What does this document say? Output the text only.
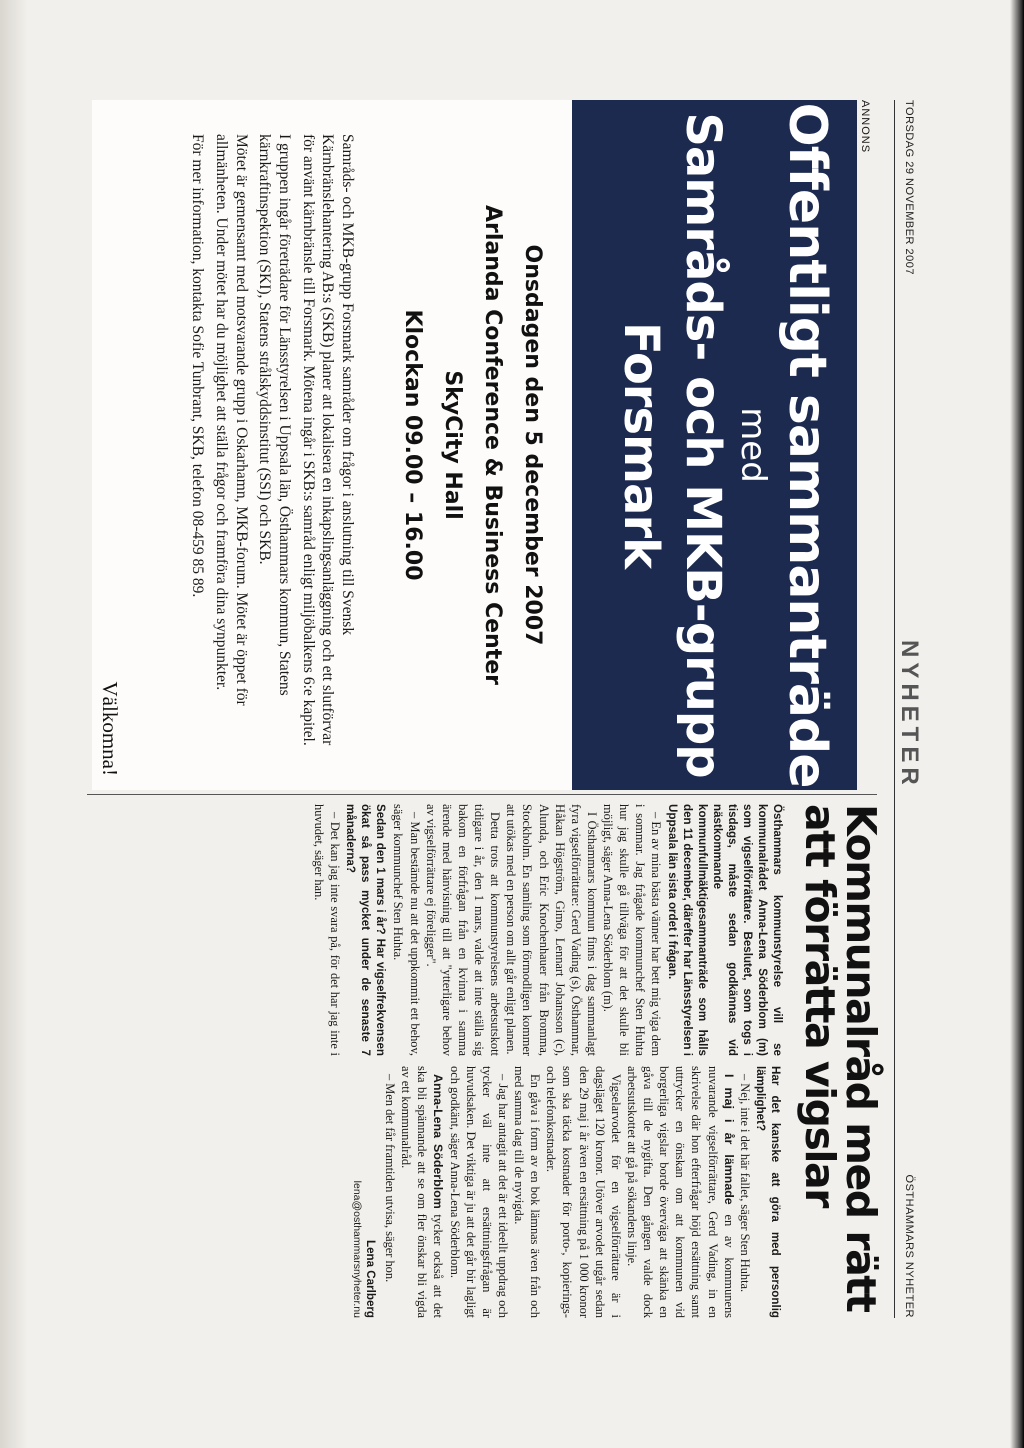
TORSDAG 29 NOVEMBER 2007
NYHETER
ÖSTHAMMARS NYHETER
ANNONS
Offentligt sammanträde
med
Samråds- och MKB-grupp
Forsmark
Onsdagen den 5 december 2007
Arlanda Conference & Business Center
SkyCity Hall
Klockan 09.00 – 16.00

Samråds- och MKB-grupp Forsmark samråder om frågor i anslutning till Svensk Kärnbränslehantering AB:s (SKB) planer att lokalisera en inkapslingsanläggning och ett slutförvar för använt kärnbränsle till Forsmark. Mötena ingår i SKB:s samråd enligt miljöbalkens 6:e kapitel.

I gruppen ingår företrädare för Länsstyrelsen i Uppsala län, Östhammars kommun, Statens kärnkraftinspektion (SKI), Statens strålskyddsinstitut (SSI) och SKB.

Mötet är gemensamt med motsvarande grupp i Oskarhamn, MKB-forum. Mötet är öppet för allmänheten. Under mötet har du möjlighet att ställa frågor och framföra dina synpunkter.

För mer information, kontakta Sofie Tunbrant, SKB, telefon 08-459 85 89.

Välkomna!
Kommunalråd med rätt att förrätta vigslar

Östhammars kommunstyrelse vill se kommunalrådet Anna-Lena Söderblom (m) som vigselförrättare. Beslutet, som togs i tisdags, måste sedan godkännas vid nästkommande kommunfullmäktigesammanträde som hålls den 11 december, därefter har Länsstyrelsen i Uppsala län sista ordet i frågan.

– En av mina bästa vänner har bett mig viga dem i sommar. Jag frågade kommunchef Sten Huhta hur jag skulle gå tillväga för att det skulle bli möjligt, säger Anna-Lena Söderblom (m).

I Östhammars kommun finns i dag sammanlagt fyra vigselförrättare: Gerd Vading (s), Östhammar, Håkan Högström, Gimo, Lennart Johansson (c), Alunda, och Eric Knochenhauer från Bromma, Stockholm. En samling som förmodligen kommer att utökas med en person om allt går enligt planen.

Detta trots att kommunstyrelsens arbetsutskott tidigare i år, den 1 mars, valde att inte ställa sig bakom en förfrågan från en kvinna i samma ärende med hänvisning till att "ytterligare behov av vigselförrättare ej föreligger".

– Man bestämde nu att det uppkommit ett behov, säger kommunchef Sten Huhta.

Sedan den 1 mars i år? Har vigselfrekvensen ökat så pass mycket under de senaste 7 månaderna?

– Det kan jag inte svara på, för det har jag inte i huvudet, säger han.

Har det kanske att göra med personlig lämplighet?

– Nej, inte i det här fallet, säger Sten Huhta.

I maj i år lämnade en av kommunens nuvarande vigselförrättare, Gerd Vading, in en skrivelse där hon efterfrågar höjd ersättning samt uttrycker en önskan om att kommunen vid borgerliga vigslar borde överväga att skänka en gåva till de nygifta. Den gången valde dock arbetsutskottet att gå på sökandens linje.

Vigselarvodet för en vigselförrättare är i dagsläget 120 kronor. Utöver arvodet utgår sedan den 29 maj i år även en ersättning på 1 000 kronor som ska täcka kostnader för porto-, kopierings- och telefonkostnader.

En gåva i form av en bok lämnas även från och med samma dag till de nyvigda.

– Jag har antagit att det är ett ideellt uppdrag och tycker väl inte att ersättningsfrågan är huvudsaken. Det viktiga är ju att det går bir lagligt och godkänt, säger Anna-Lena Söderblom.

Anna-Lena Söderblom tycker också att det ska bli spännande att se om fler önskar bli vigda av ett kommunalråd.

– Men det får framtiden utvisa, säger hon.

Lena Carlberg

lena@osthammarsnyheter.nu
